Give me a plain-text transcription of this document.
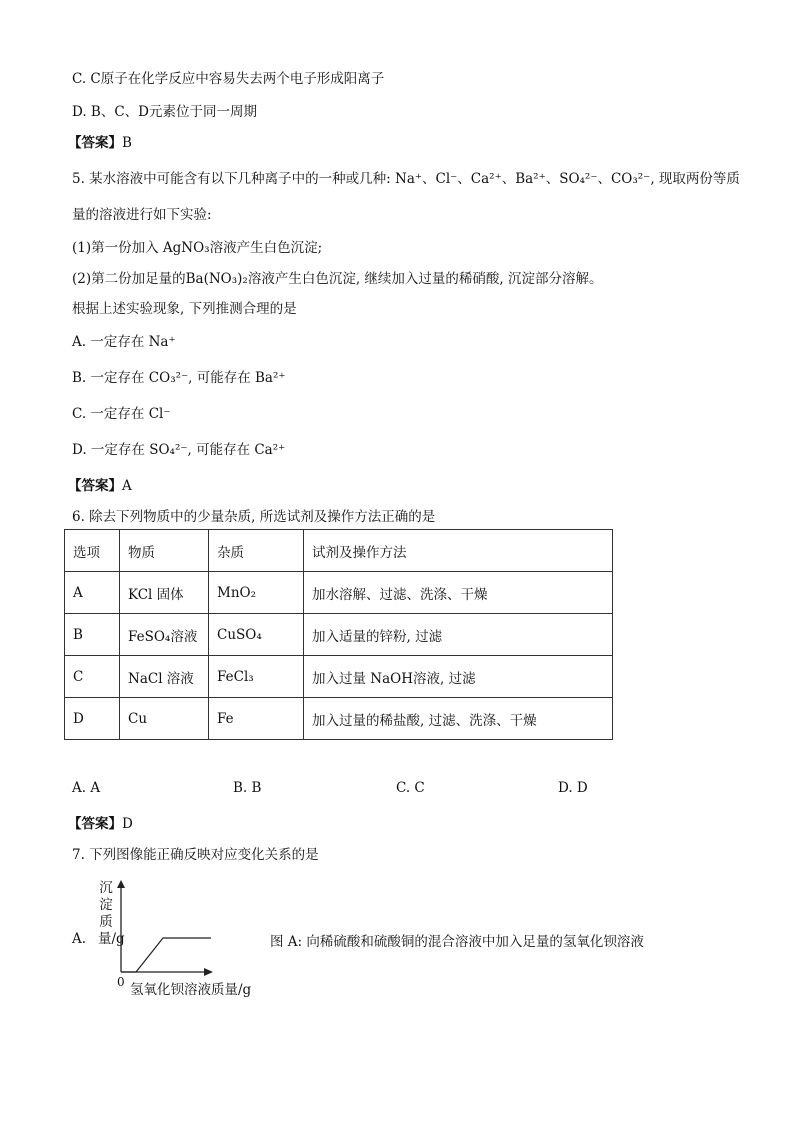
C. C原子在化学反应中容易失去两个电子形成阳离子
D. B、C、D元素位于同一周期
【答案】B
5. 某水溶液中可能含有以下几种离子中的一种或几种: Na⁺、Cl⁻、Ca²⁺、Ba²⁺、SO₄²⁻、CO₃²⁻, 现取两份等质
量的溶液进行如下实验:
(1)第一份加入 AgNO₃溶液产生白色沉淀;
(2)第二份加足量的Ba(NO₃)₂溶液产生白色沉淀, 继续加入过量的稀硝酸, 沉淀部分溶解。
根据上述实验现象, 下列推测合理的是
A. 一定存在 Na⁺
B. 一定存在 CO₃²⁻, 可能存在 Ba²⁺
C. 一定存在 Cl⁻
D. 一定存在 SO₄²⁻, 可能存在 Ca²⁺
【答案】A
6. 除去下列物质中的少量杂质, 所选试剂及操作方法正确的是
选项	物质	杂质	试剂及操作方法
A	KCl 固体	MnO₂	加水溶解、过滤、洗涤、干燥
B	FeSO₄溶液	CuSO₄	加入适量的锌粉, 过滤
C	NaCl 溶液	FeCl₃	加入过量 NaOH溶液, 过滤
D	Cu	Fe	加入过量的稀盐酸, 过滤、洗涤、干燥
A. A	B. B	C. C	D. D
【答案】D
7. 下列图像能正确反映对应变化关系的是
A.
沉淀质量/g
0 氢氧化钡溶液质量/g
图 A: 向稀硫酸和硫酸铜的混合溶液中加入足量的氢氧化钡溶液
